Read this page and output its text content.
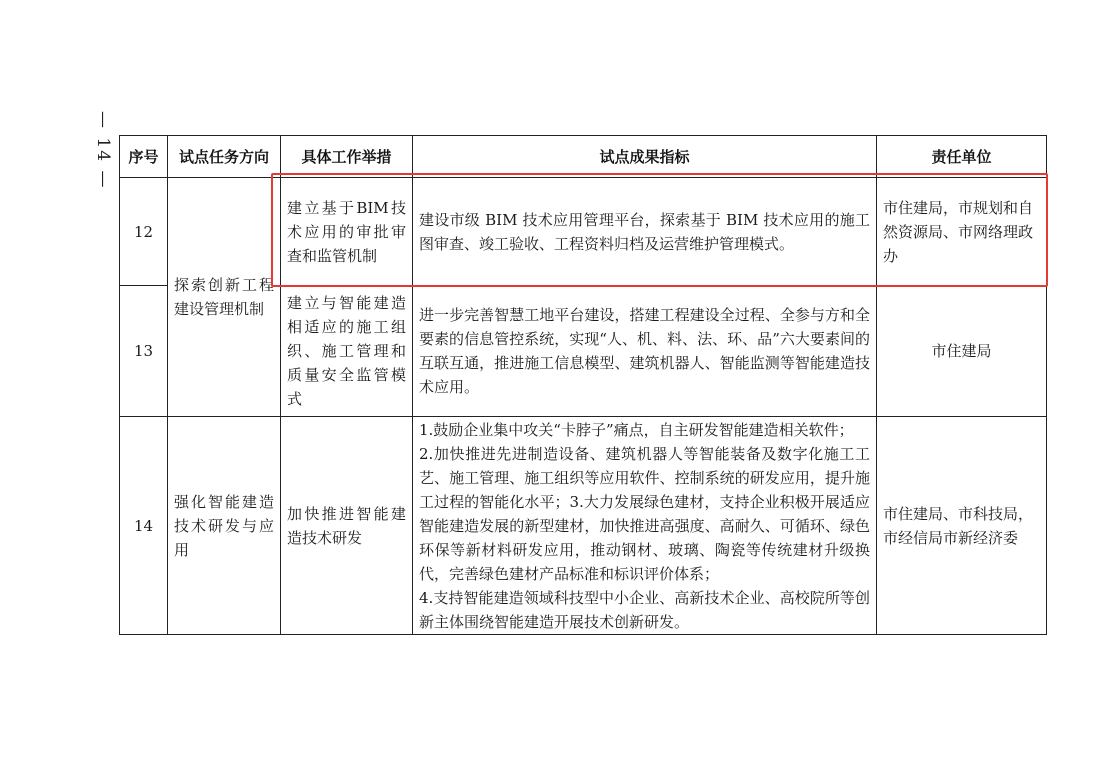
— 14 — 序号	试点任务方向	具体工作举措	试点成果指标	责任单位
12	探索创新工程建设管理机制	建立基于BIM技术应用的审批审查和监管机制	建设市级 BIM 技术应用管理平台，探索基于 BIM 技术应用的施工图审查、竣工验收、工程资料归档及运营维护管理模式。	市住建局，市规划和自然资源局、市网络理政办
13		建立与智能建造相适应的施工组织、施工管理和质量安全监管模式	进一步完善智慧工地平台建设，搭建工程建设全过程、全参与方和全要素的信息管控系统，实现“人、机、料、法、环、品”六大要素间的互联互通，推进施工信息模型、建筑机器人、智能监测等智能建造技术应用。	市住建局
14	强化智能建造技术研发与应用	加快推进智能建造技术研发	1.鼓励企业集中攻关“卡脖子”痛点，自主研发智能建造相关软件；
2.加快推进先进制造设备、建筑机器人等智能装备及数字化施工工艺、施工管理、施工组织等应用软件、控制系统的研发应用，提升施工过程的智能化水平；3.大力发展绿色建材，支持企业积极开展适应智能建造发展的新型建材，加快推进高强度、高耐久、可循环、绿色环保等新材料研发应用，推动钢材、玻璃、陶瓷等传统建材升级换代，完善绿色建材产品标准和标识评价体系；
4.支持智能建造领域科技型中小企业、高新技术企业、高校院所等创新主体围绕智能建造开展技术创新研发。	市住建局、市科技局，市经信局市新经济委
